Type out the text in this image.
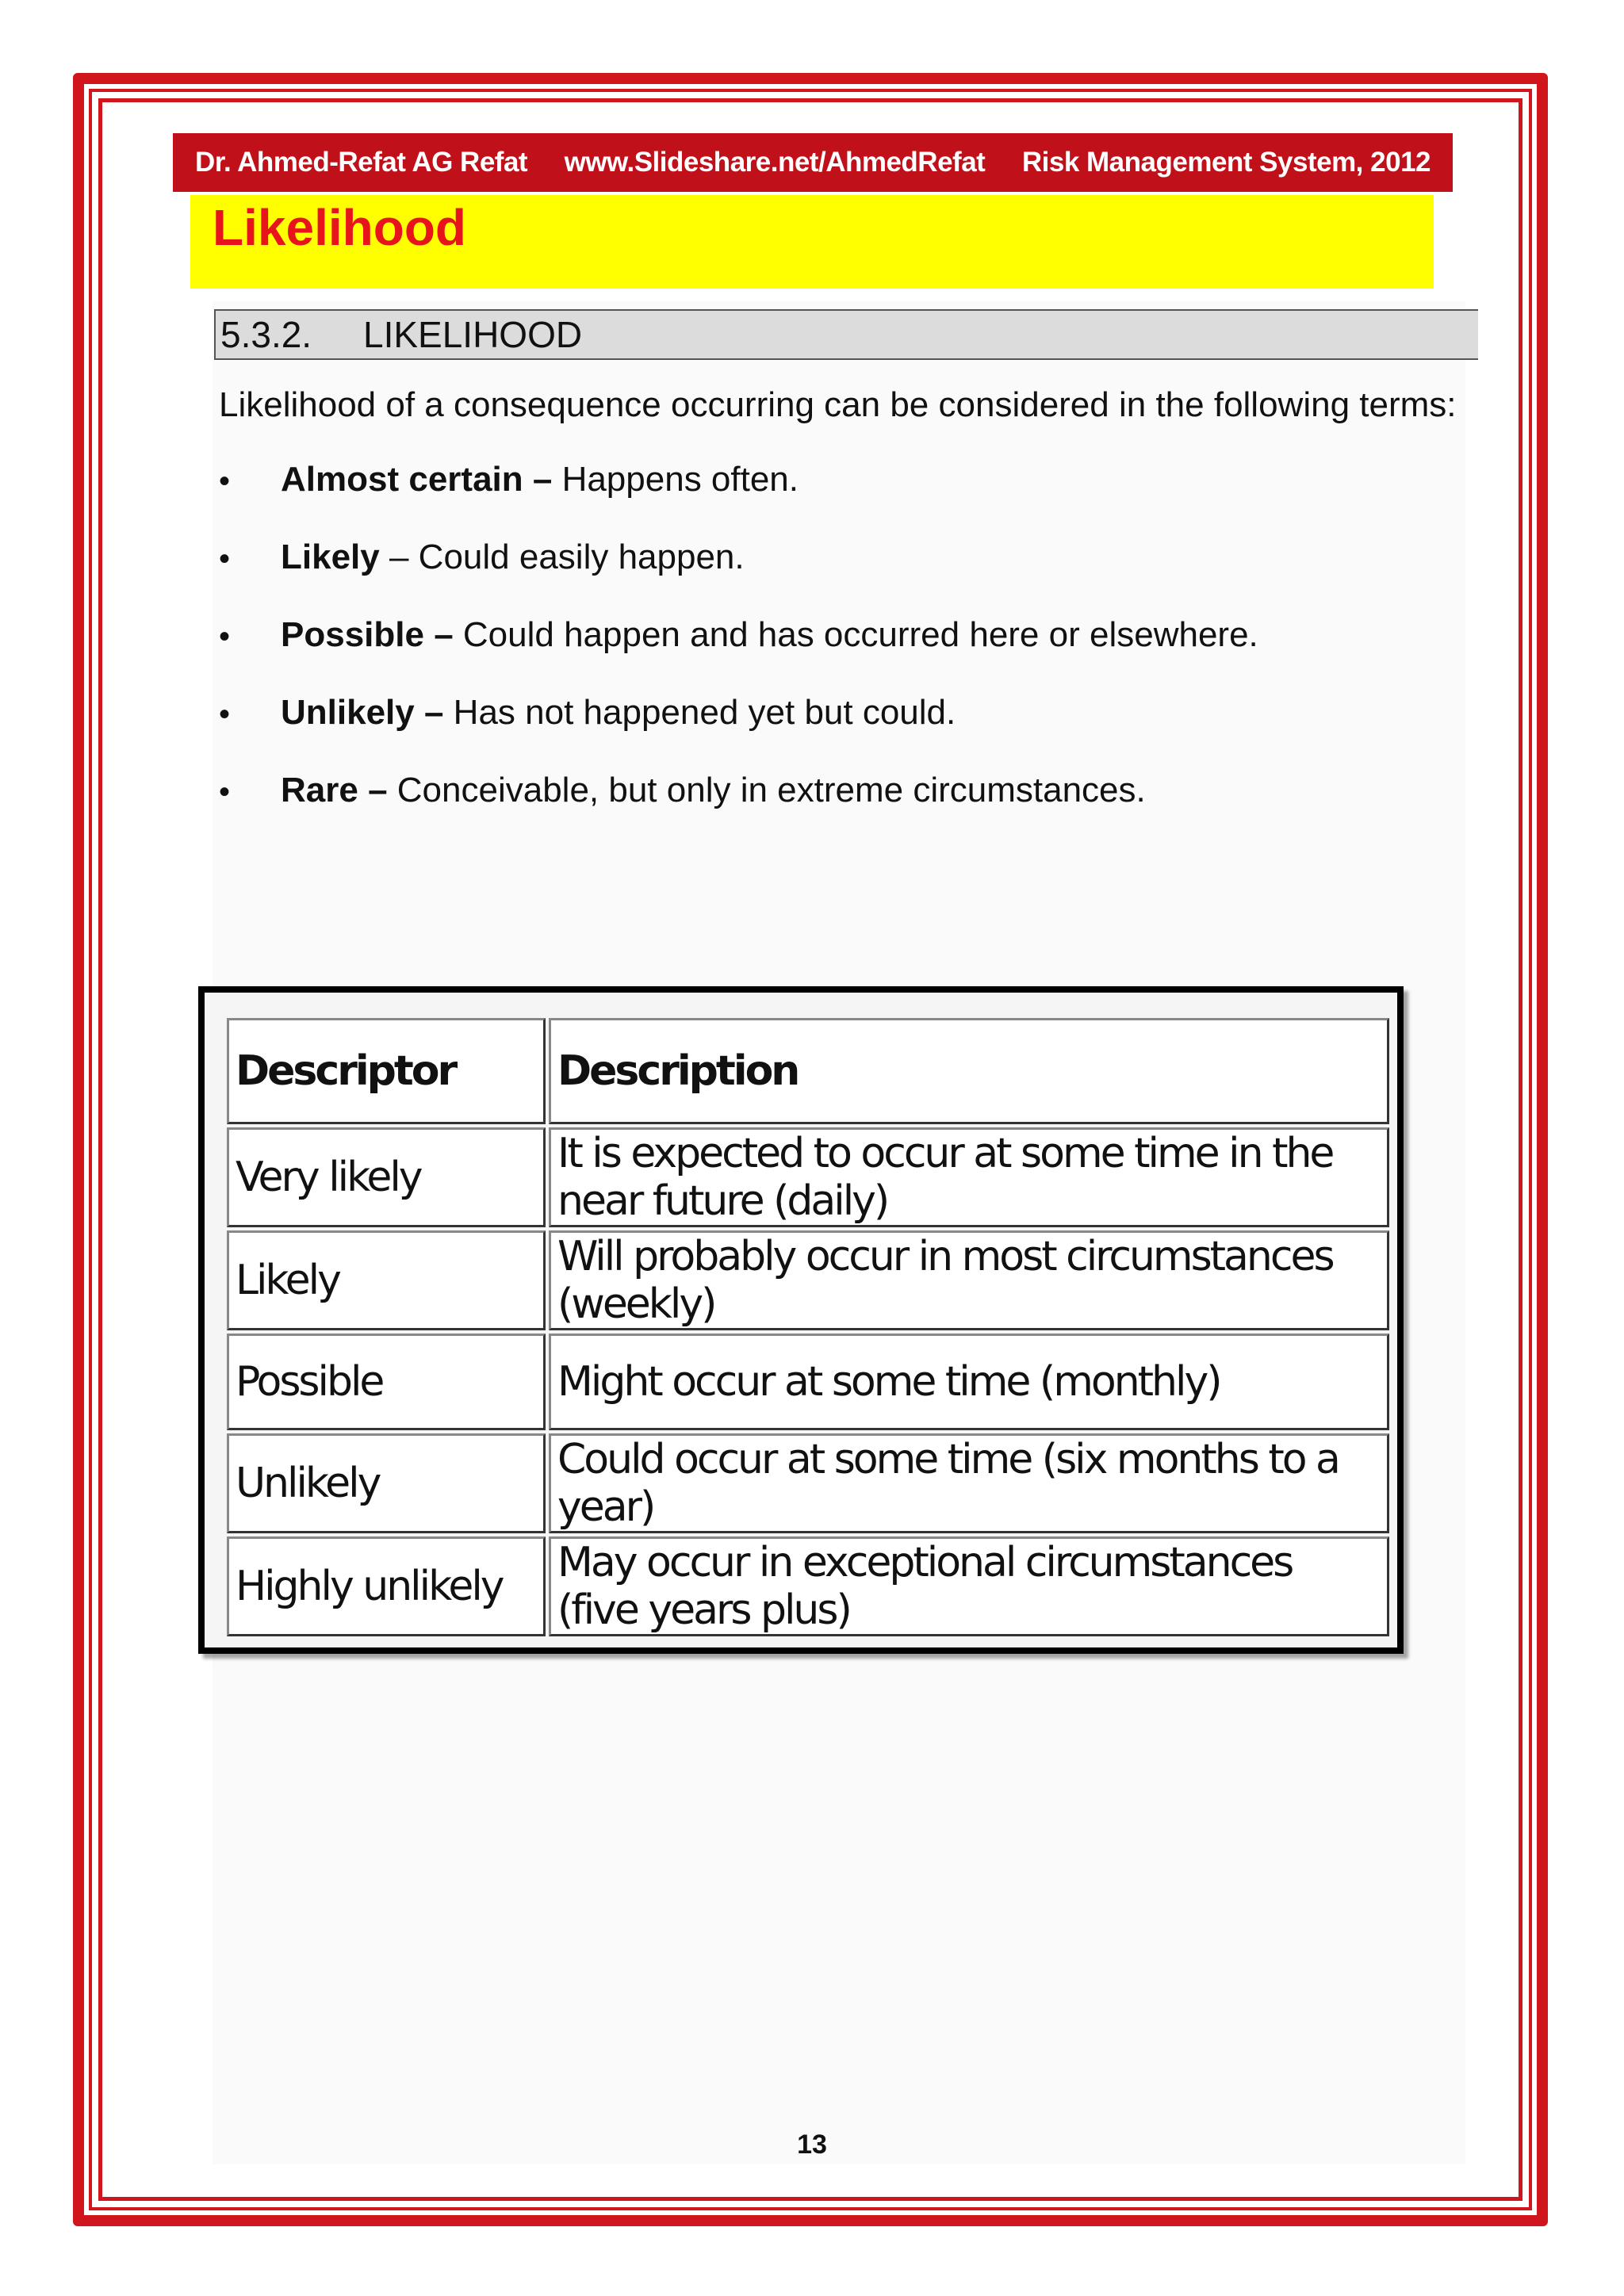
Dr. Ahmed-Refat AG Refat www.Slideshare.net/AhmedRefat Risk Management System, 2012
Likelihood
5.3.2.	LIKELIHOOD

Likelihood of a consequence occurring can be considered in the following terms:

•	Almost certain – Happens often.
•	Likely – Could easily happen.
•	Possible – Could happen and has occurred here or elsewhere.
•	Unlikely – Has not happened yet but could.
•	Rare – Conceivable, but only in extreme circumstances.
Descriptor	Description
Very likely	It is expected to occur at some time in the near future (daily)
Likely	Will probably occur in most circumstances (weekly)
Possible	Might occur at some time (monthly)
Unlikely	Could occur at some time (six months to a year)
Highly unlikely	May occur in exceptional circumstances (five years plus)
13
